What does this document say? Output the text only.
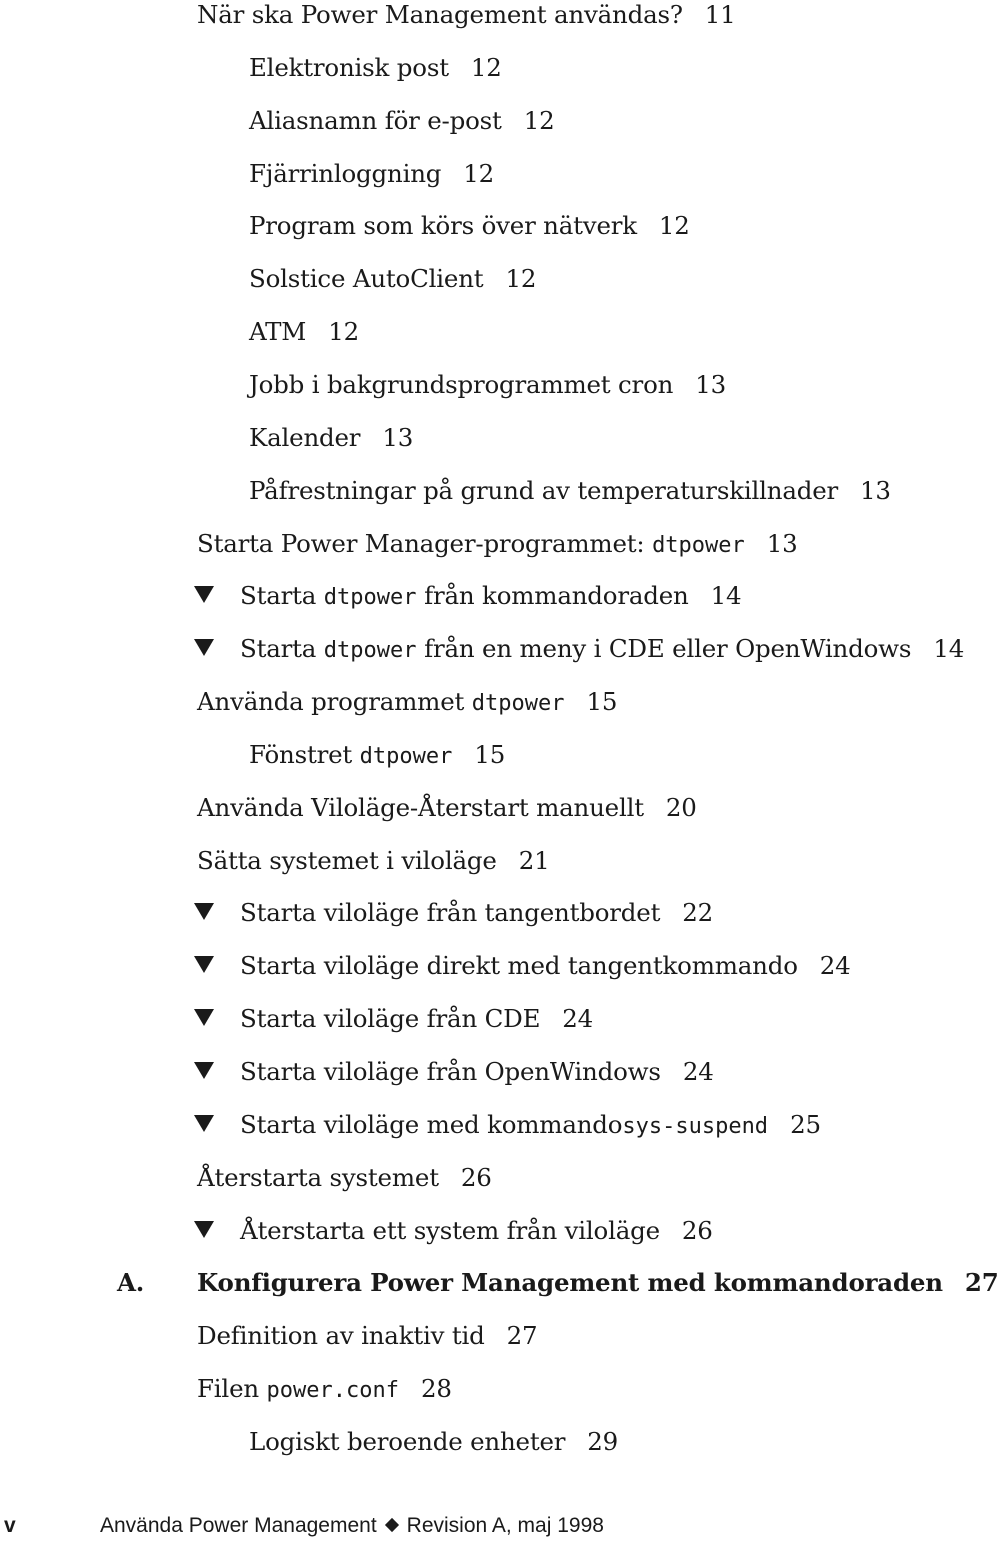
När ska Power Management användas? 11
Elektronisk post 12
Aliasnamn för e-post 12
Fjärrinloggning 12
Program som körs över nätverk 12
Solstice AutoClient 12
ATM 12
Jobb i bakgrundsprogrammet cron 13
Kalender 13
Påfrestningar på grund av temperaturskillnader 13
Starta Power Manager-programmet: dtpower 13
Starta dtpower från kommandoraden 14
Starta dtpower från en meny i CDE eller OpenWindows 14
Använda programmet dtpower 15
Fönstret dtpower 15
Använda Viloläge-Återstart manuellt 20
Sätta systemet i viloläge 21
Starta viloläge från tangentbordet 22
Starta viloläge direkt med tangentkommando 24
Starta viloläge från CDE 24
Starta viloläge från OpenWindows 24
Starta viloläge med kommandosys-suspend 25
Återstarta systemet 26
Återstarta ett system från viloläge 26
A. Konfigurera Power Management med kommandoraden 27
Definition av inaktiv tid 27
Filen power.conf 28
Logiskt beroende enheter 29
v	Använda Power Management Revision A, maj 1998
